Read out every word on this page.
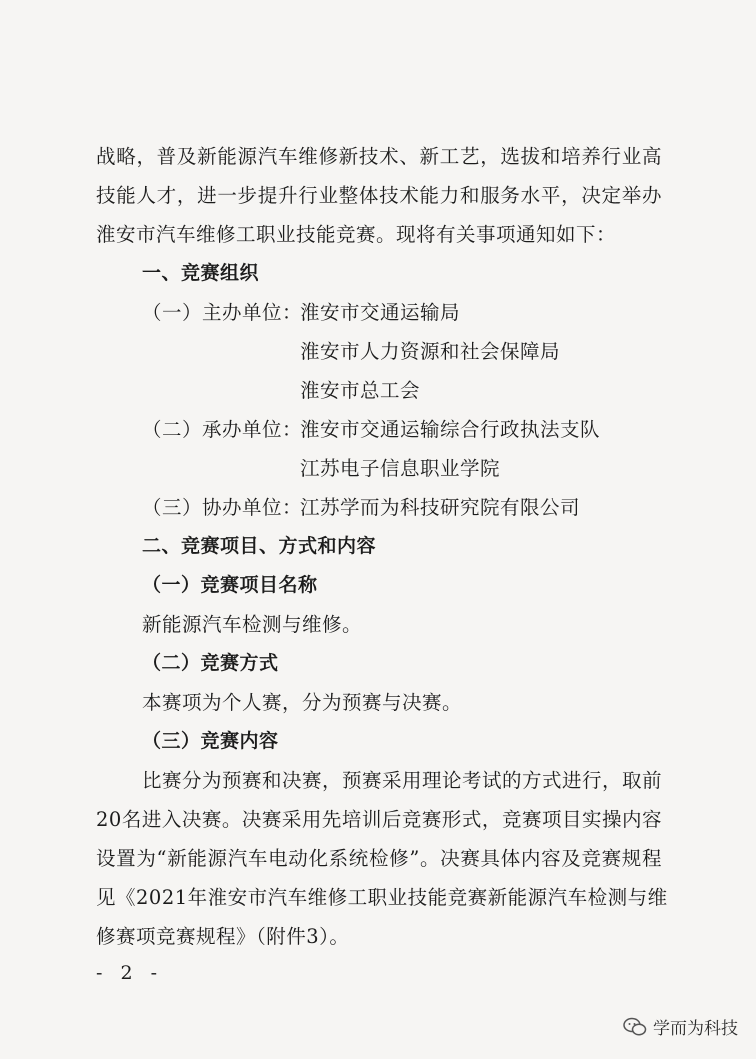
战略，普及新能源汽车维修新技术、新工艺，选拔和培养行业高
技能人才，进一步提升行业整体技术能力和服务水平，决定举办
淮安市汽车维修工职业技能竞赛。现将有关事项通知如下：
一、竞赛组织
（一）主办单位：
淮安市交通运输局
淮安市人力资源和社会保障局
淮安市总工会
（二）承办单位：
淮安市交通运输综合行政执法支队
江苏电子信息职业学院
（三）协办单位：
江苏学而为科技研究院有限公司
二、竞赛项目、方式和内容
（一）竞赛项目名称
新能源汽车检测与维修。
（二）竞赛方式
本赛项为个人赛，分为预赛与决赛。
（三）竞赛内容
比赛分为预赛和决赛，预赛采用理论考试的方式进行，取前
20名进入决赛。决赛采用先培训后竞赛形式，竞赛项目实操内容
设置为“新能源汽车电动化系统检修”。决赛具体内容及竞赛规程
见《2021年淮安市汽车维修工职业技能竞赛新能源汽车检测与维
修赛项竞赛规程》（附件3）。
- 2 -
学而为科技
